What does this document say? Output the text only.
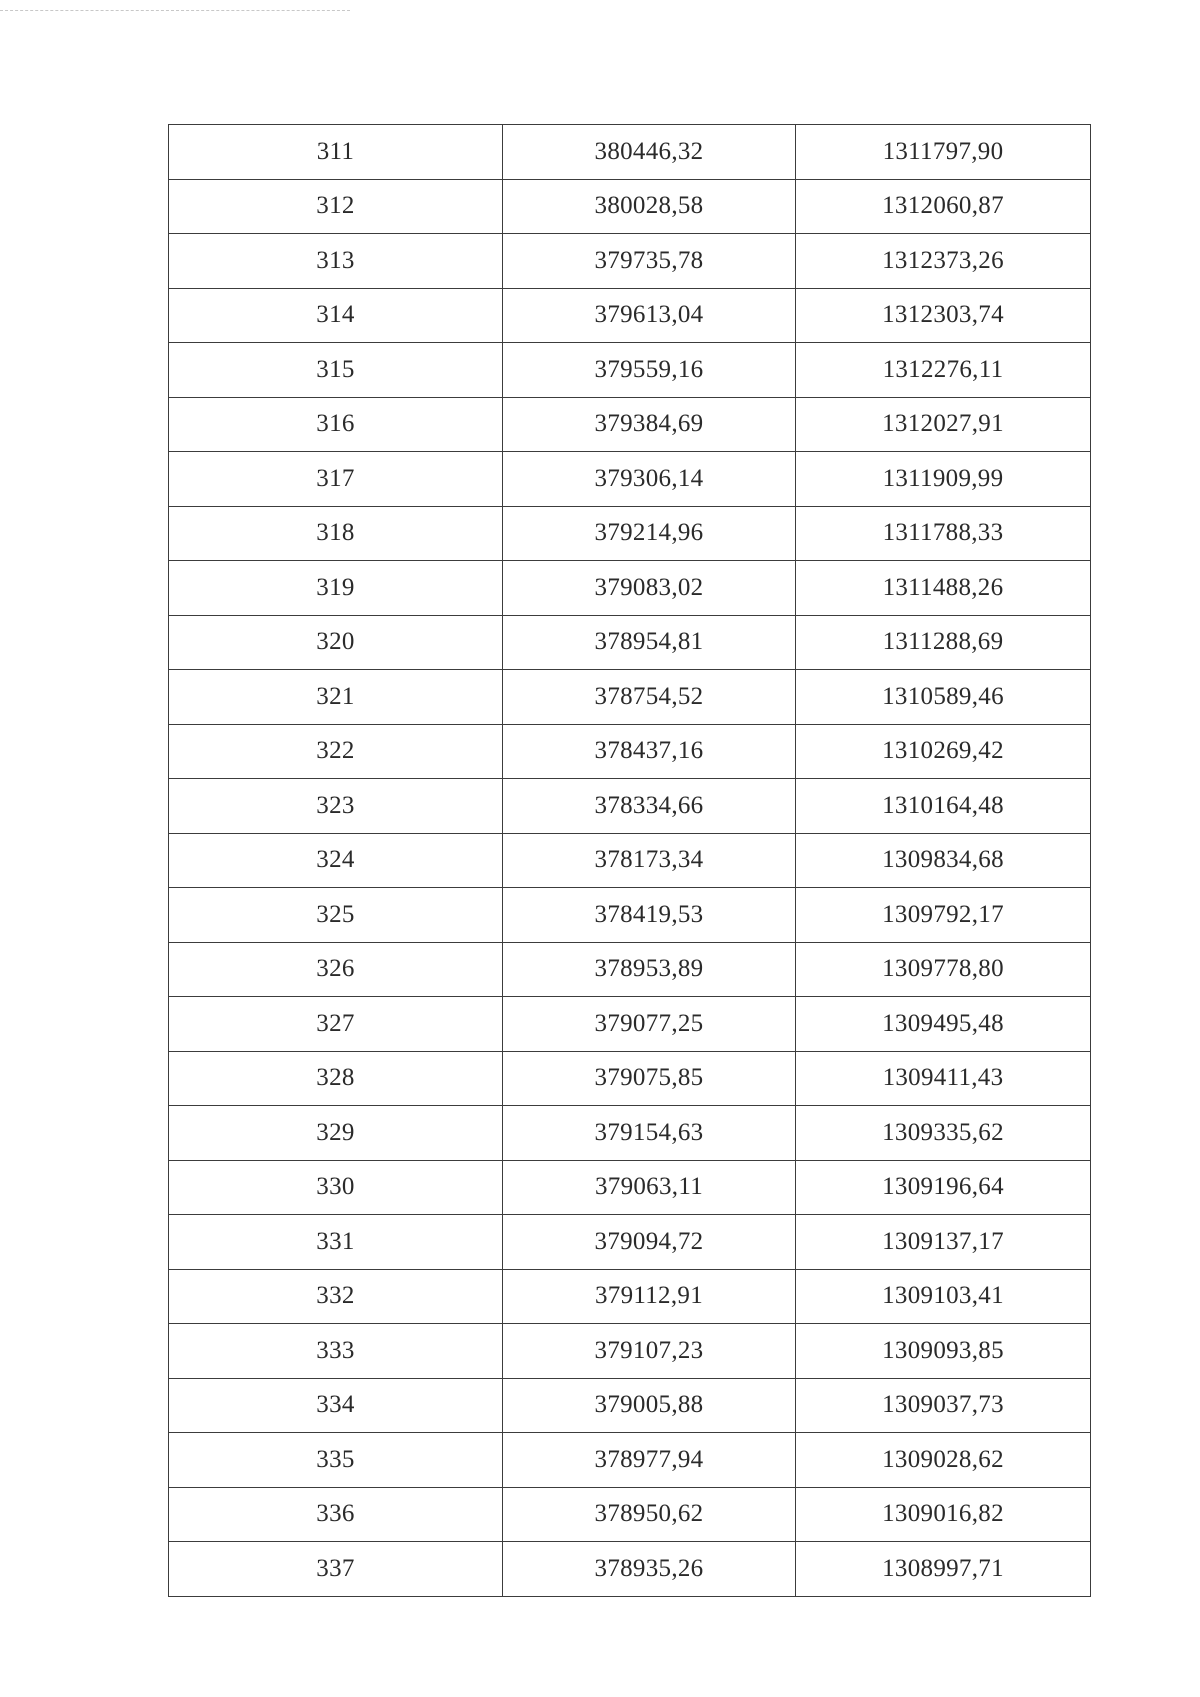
311	380446,32	1311797,90
312	380028,58	1312060,87
313	379735,78	1312373,26
314	379613,04	1312303,74
315	379559,16	1312276,11
316	379384,69	1312027,91
317	379306,14	1311909,99
318	379214,96	1311788,33
319	379083,02	1311488,26
320	378954,81	1311288,69
321	378754,52	1310589,46
322	378437,16	1310269,42
323	378334,66	1310164,48
324	378173,34	1309834,68
325	378419,53	1309792,17
326	378953,89	1309778,80
327	379077,25	1309495,48
328	379075,85	1309411,43
329	379154,63	1309335,62
330	379063,11	1309196,64
331	379094,72	1309137,17
332	379112,91	1309103,41
333	379107,23	1309093,85
334	379005,88	1309037,73
335	378977,94	1309028,62
336	378950,62	1309016,82
337	378935,26	1308997,71
